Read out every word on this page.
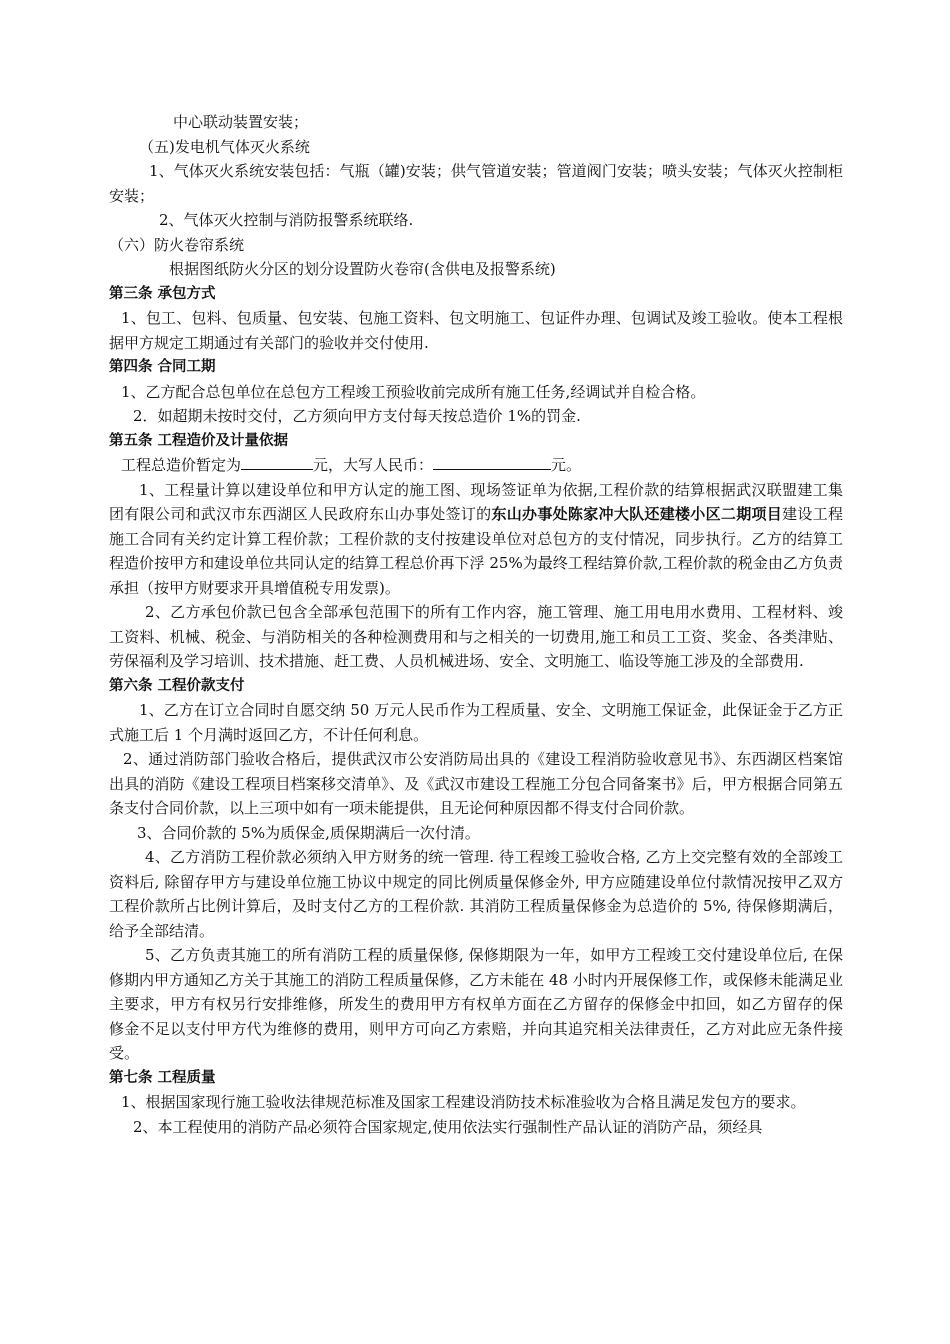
中心联动装置安装；

（五)发电机气体灭火系统

1、气体灭火系统安装包括：气瓶（罐)安装；供气管道安装；管道阀门安装；喷头安装；气体灭火控制柜安装；

2、气体灭火控制与消防报警系统联络.

（六）防火卷帘系统

根据图纸防火分区的划分设置防火卷帘(含供电及报警系统)

第三条 承包方式

1、包工、包料、包质量、包安装、包施工资料、包文明施工、包证件办理、包调试及竣工验收。使本工程根据甲方规定工期通过有关部门的验收并交付使用.

第四条 合同工期

1、乙方配合总包单位在总包方工程竣工预验收前完成所有施工任务,经调试并自检合格。

2．如超期未按时交付，乙方须向甲方支付每天按总造价 1%的罚金.

第五条 工程造价及计量依据

工程总造价暂定为	元，大写人民币：	元。

1、工程量计算以建设单位和甲方认定的施工图、现场签证单为依据,工程价款的结算根据武汉联盟建工集团有限公司和武汉市东西湖区人民政府东山办事处签订的东山办事处陈家冲大队还建楼小区二期项目建设工程施工合同有关约定计算工程价款；工程价款的支付按建设单位对总包方的支付情况，同步执行。乙方的结算工程造价按甲方和建设单位共同认定的结算工程总价再下浮 25%为最终工程结算价款,工程价款的税金由乙方负责承担（按甲方财要求开具增值税专用发票)。

2、乙方承包价款已包含全部承包范围下的所有工作内容，施工管理、施工用电用水费用、工程材料、竣工资料、机械、税金、与消防相关的各种检测费用和与之相关的一切费用,施工和员工工资、奖金、各类津贴、劳保福利及学习培训、技术措施、赶工费、人员机械进场、安全、文明施工、临设等施工涉及的全部费用.

第六条 工程价款支付

1、乙方在订立合同时自愿交纳 50 万元人民币作为工程质量、安全、文明施工保证金，此保证金于乙方正式施工后 1 个月满时返回乙方，不计任何利息。

2、通过消防部门验收合格后，提供武汉市公安消防局出具的《建设工程消防验收意见书》、东西湖区档案馆出具的消防《建设工程项目档案移交清单》、及《武汉市建设工程施工分包合同备案书》后，甲方根据合同第五条支付合同价款，以上三项中如有一项未能提供，且无论何种原因都不得支付合同价款。

3、合同价款的 5%为质保金,质保期满后一次付清。

4、乙方消防工程价款必须纳入甲方财务的统一管理. 待工程竣工验收合格, 乙方上交完整有效的全部竣工资料后, 除留存甲方与建设单位施工协议中规定的同比例质量保修金外, 甲方应随建设单位付款情况按甲乙双方工程价款所占比例计算后，及时支付乙方的工程价款. 其消防工程质量保修金为总造价的 5%, 待保修期满后，给予全部结清。

5、乙方负责其施工的所有消防工程的质量保修, 保修期限为一年，如甲方工程竣工交付建设单位后, 在保修期内甲方通知乙方关于其施工的消防工程质量保修，乙方未能在 48 小时内开展保修工作，或保修未能满足业主要求，甲方有权另行安排维修，所发生的费用甲方有权单方面在乙方留存的保修金中扣回，如乙方留存的保修金不足以支付甲方代为维修的费用，则甲方可向乙方索赔，并向其追究相关法律责任，乙方对此应无条件接受。

第七条 工程质量

1、根据国家现行施工验收法律规范标准及国家工程建设消防技术标准验收为合格且满足发包方的要求。

2、本工程使用的消防产品必须符合国家规定,使用依法实行强制性产品认证的消防产品，须经具
